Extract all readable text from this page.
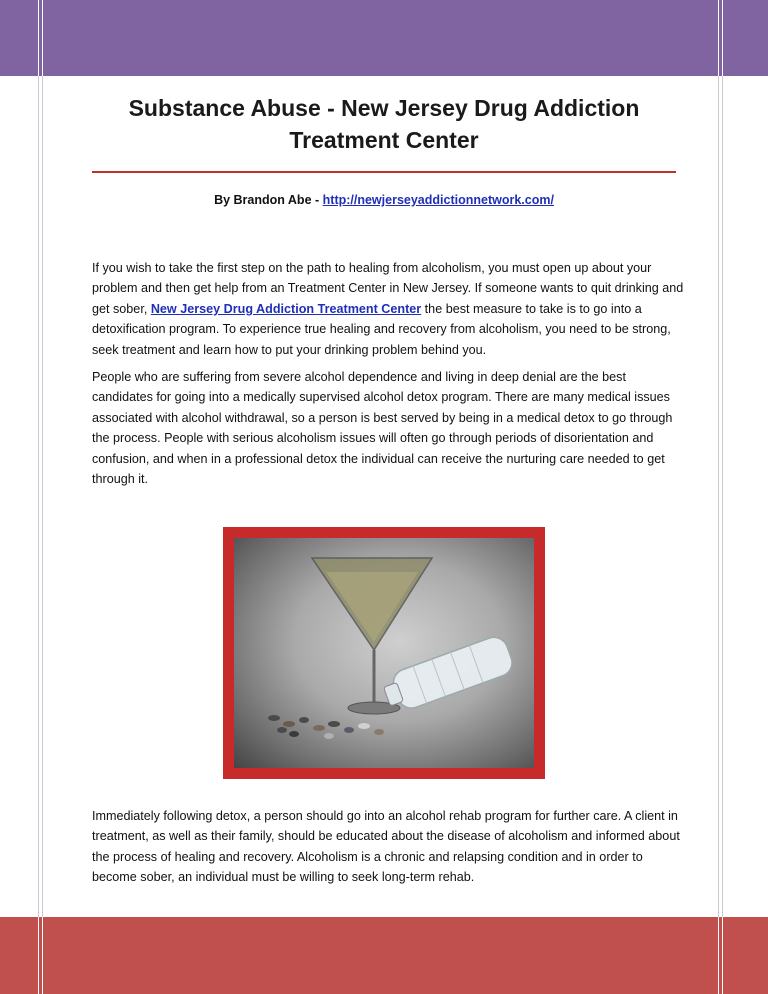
Substance Abuse - New Jersey Drug Addiction Treatment Center
By Brandon Abe - http://newjerseyaddictionnetwork.com/

If you wish to take the first step on the path to healing from alcoholism, you must open up about your problem and then get help from an Treatment Center in New Jersey. If someone wants to quit drinking and get sober, New Jersey Drug Addiction Treatment Center the best measure to take is to go into a detoxification program. To experience true healing and recovery from alcoholism, you need to be strong, seek treatment and learn how to put your drinking problem behind you.

People who are suffering from severe alcohol dependence and living in deep denial are the best candidates for going into a medically supervised alcohol detox program. There are many medical issues associated with alcohol withdrawal, so a person is best served by being in a medical detox to go through the process. People with serious alcoholism issues will often go through periods of disorientation and confusion, and when in a professional detox the individual can receive the nurturing care needed to get through it.

Immediately following detox, a person should go into an alcohol rehab program for further care. A client in treatment, as well as their family, should be educated about the disease of alcoholism and informed about the process of healing and recovery. Alcoholism is a chronic and relapsing condition and in order to become sober, an individual must be willing to seek long-term rehab.
